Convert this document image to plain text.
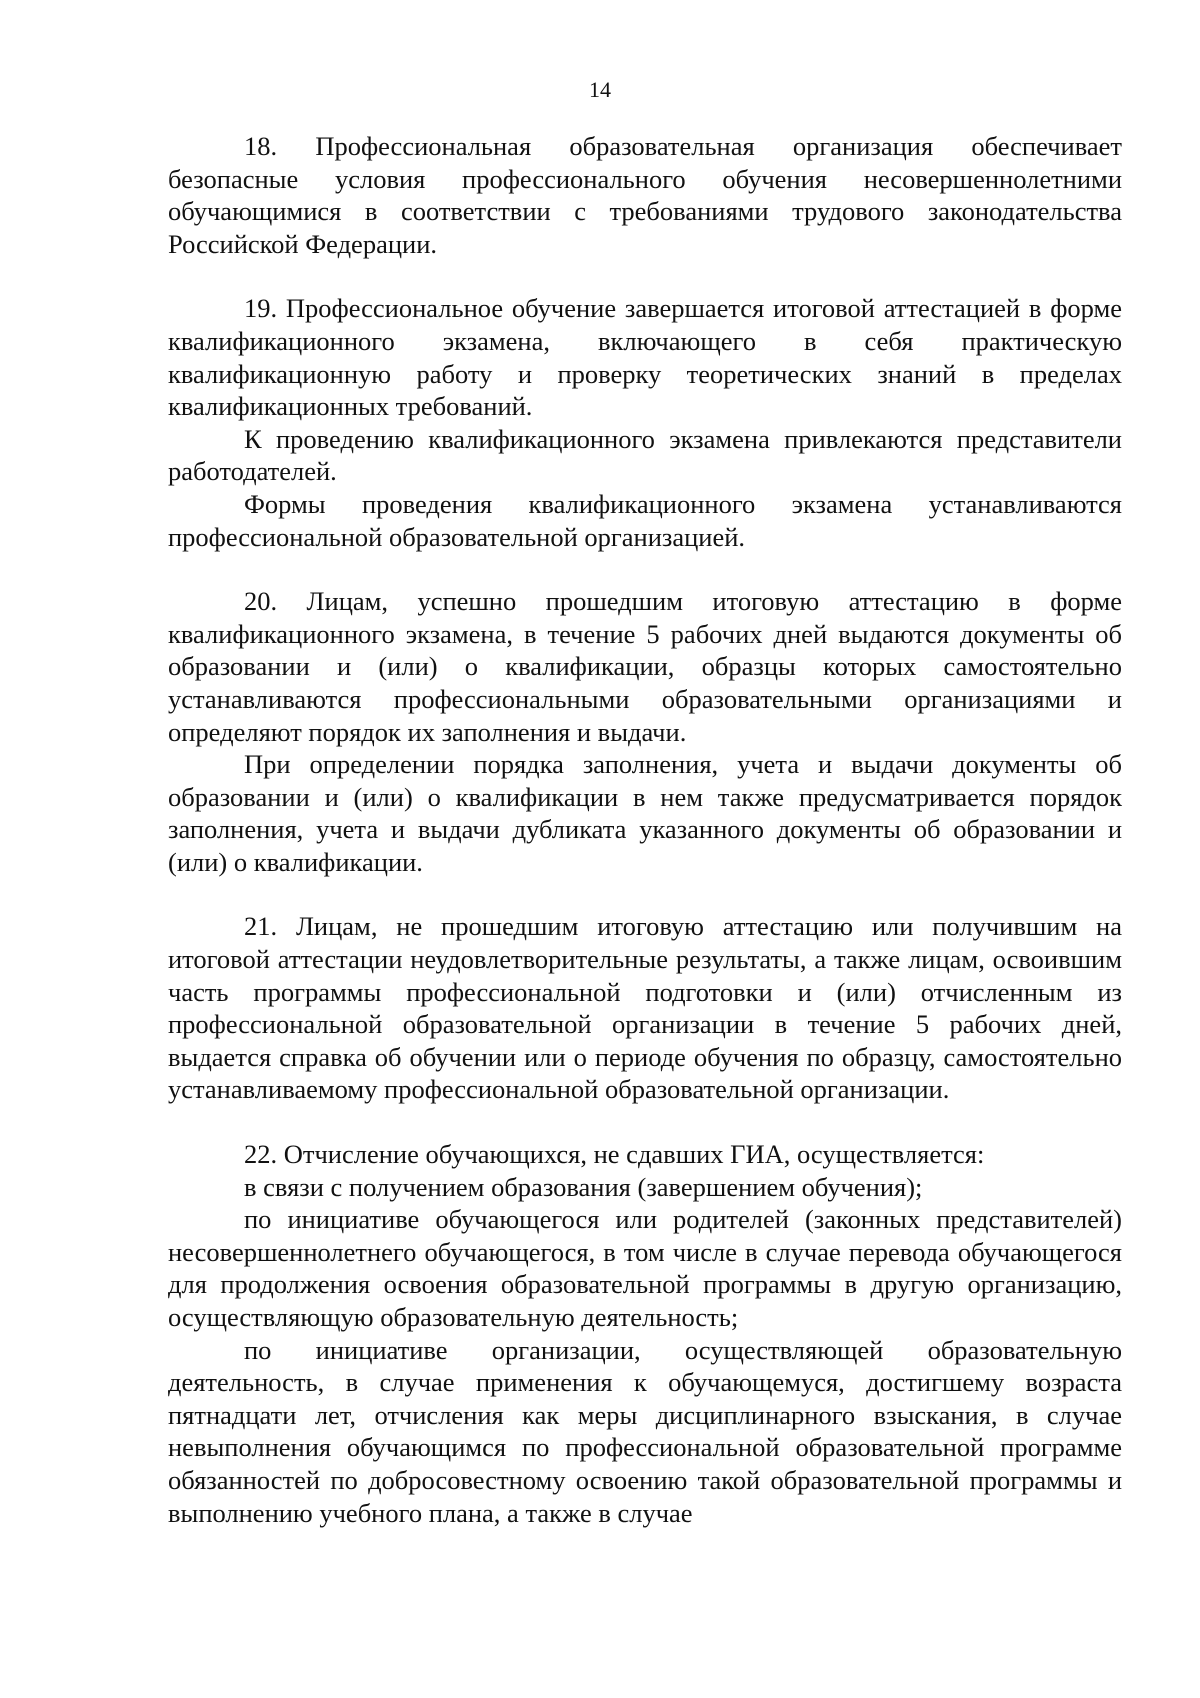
14

18. Профессиональная образовательная организация обеспечивает безопасные условия профессионального обучения несовершеннолетними обучающимися в соответствии с требованиями трудового законодательства Российской Федерации.

19. Профессиональное обучение завершается итоговой аттестацией в форме квалификационного экзамена, включающего в себя практическую квалификационную работу и проверку теоретических знаний в пределах квалификационных требований.

К проведению квалификационного экзамена привлекаются представители работодателей.

Формы проведения квалификационного экзамена устанавливаются профессиональной образовательной организацией.

20. Лицам, успешно прошедшим итоговую аттестацию в форме квалификационного экзамена, в течение 5 рабочих дней выдаются документы об образовании и (или) о квалификации, образцы которых самостоятельно устанавливаются профессиональными образовательными организациями и определяют порядок их заполнения и выдачи.

При определении порядка заполнения, учета и выдачи документы об образовании и (или) о квалификации в нем также предусматривается порядок заполнения, учета и выдачи дубликата указанного документы об образовании и (или) о квалификации.

21. Лицам, не прошедшим итоговую аттестацию или получившим на итоговой аттестации неудовлетворительные результаты, а также лицам, освоившим часть программы профессиональной подготовки и (или) отчисленным из профессиональной образовательной организации в течение 5 рабочих дней, выдается справка об обучении или о периоде обучения по образцу, самостоятельно устанавливаемому профессиональной образовательной организации.

22. Отчисление обучающихся, не сдавших ГИА, осуществляется:

в связи с получением образования (завершением обучения);

по инициативе обучающегося или родителей (законных представителей) несовершеннолетнего обучающегося, в том числе в случае перевода обучающегося для продолжения освоения образовательной программы в другую организацию, осуществляющую образовательную деятельность;

по инициативе организации, осуществляющей образовательную деятельность, в случае применения к обучающемуся, достигшему возраста пятнадцати лет, отчисления как меры дисциплинарного взыскания, в случае невыполнения обучающимся по профессиональной образовательной программе обязанностей по добросовестному освоению такой образовательной программы и выполнению учебного плана, а также в случае
